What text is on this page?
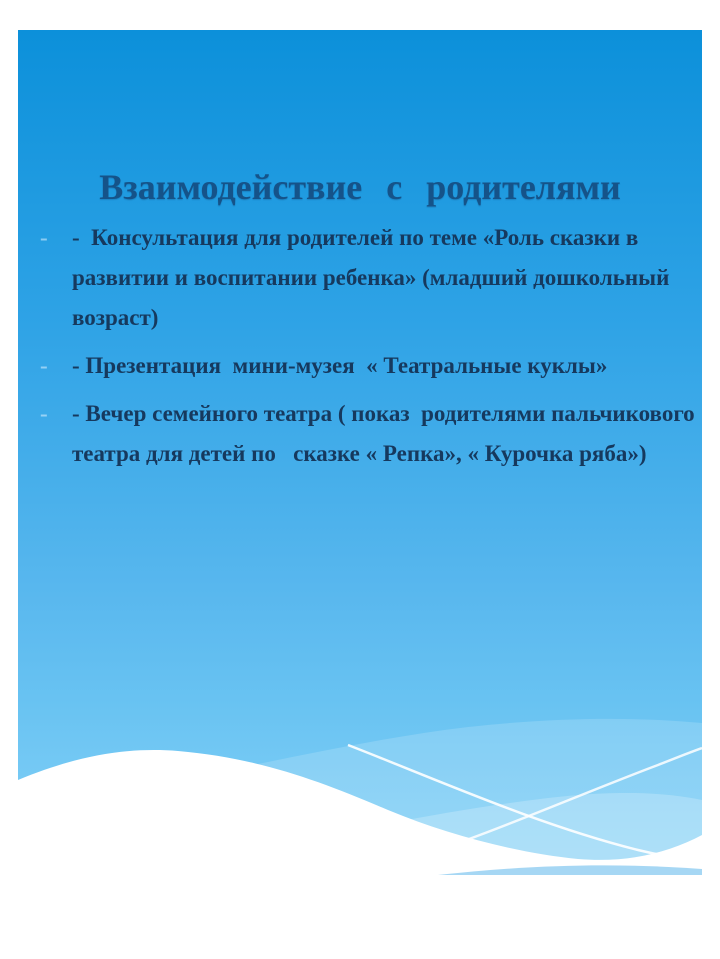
Взаимодействие с родителями
- -  Консультация для родителей по теме «Роль сказки в
развитии и воспитании ребенка» (младший дошкольный
возраст)
- - Презентация  мини-музея  « Театральные куклы»
- - Вечер семейного театра ( показ  родителями пальчикового
театра для детей по   сказке « Репка», « Курочка ряба»)
